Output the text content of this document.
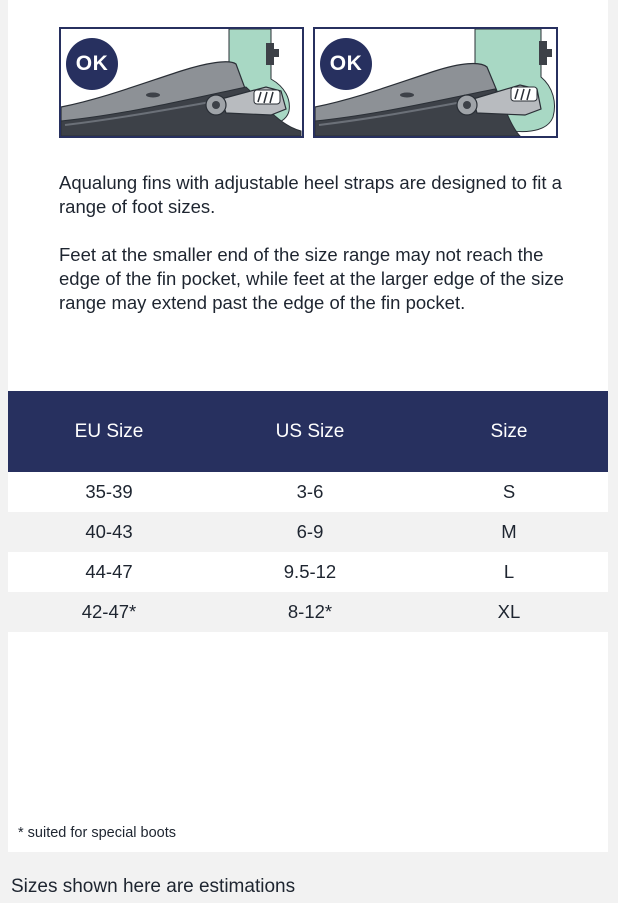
OK	OK

Aqualung fins with adjustable heel straps are designed to fit a range of foot sizes.

Feet at the smaller end of the size range may not reach the edge of the fin pocket, while feet at the larger edge of the size range may extend past the edge of the fin pocket.

EU Size	US Size	Size
35-39	3-6	S
40-43	6-9	M
44-47	9.5-12	L
42-47*	8-12*	XL

* suited for special boots

Sizes shown here are estimations
